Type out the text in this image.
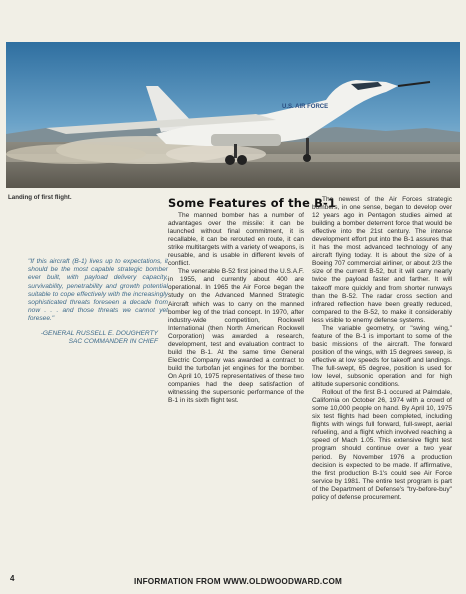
U.S. AIR FORCE
Landing of first flight.

"If this aircraft (B-1) lives up to expectations, it should be the most capable strategic bomber ever built, with payload delivery capacity, survivability, penetrability and growth potential suitable to cope effectively with the increasingly sophisticated threats foreseen a decade from now . . . and those threats we cannot yet foresee."

-GENERAL RUSSELL E. DOUGHERTY
SAC COMMANDER IN CHIEF
Some Features of the B-1

The manned bomber has a number of advantages over the missile: it can be launched without final commitment, it is recallable, it can be rerouted en route, it can strike multitargets with a variety of weapons, is reusable, and is usable in different levels of conflict.

The venerable B-52 first joined the U.S.A.F. in 1955, and currently about 400 are operational. In 1965 the Air Force began the study on the Advanced Manned Strategic Aircraft which was to carry on the manned bomber leg of the triad concept. In 1970, after industry-wide competition, Rockwell International (then North American Rockwell Corporation) was awarded a research, development, test and evaluation contract to build the B-1. At the same time General Electric Company was awarded a contract to build the turbofan jet engines for the bomber. On April 10, 1975 representatives of these two companies had the deep satisfaction of witnessing the supersonic performance of the B-1 in its sixth flight test.

The newest of the Air Forces strategic bombers, in one sense, began to develop over 12 years ago in Pentagon studies aimed at building a bomber deterrent force that would be effective into the 21st century. The intense development effort put into the B-1 assures that it has the most advanced technology of any aircraft flying today. It is about the size of a Boeing 707 commercial airliner, or about 2/3 the size of the current B-52, but it will carry nearly twice the payload faster and farther. It will takeoff more quickly and from shorter runways than the B-52. The radar cross section and infrared reflection have been greatly reduced, compared to the B-52, to make it considerably less visible to enemy defense systems.

The variable geometry, or "swing wing," feature of the B-1 is important to some of the basic missions of the aircraft. The forward position of the wings, with 15 degrees sweep, is effective at low speeds for takeoff and landings. The full-swept, 65 degree, position is used for low level, subsonic operation and for high altitude supersonic conditions.

Rollout of the first B-1 occured at Palmdale, California on October 26, 1974 with a crowd of some 10,000 people on hand. By April 10, 1975 six test flights had been completed, including flights with wings full forward, full-swept, aerial refueling, and a flight which involved reaching a speed of Mach 1.05. This extensive flight test program should continue over a two year period. By November 1976 a production decision is expected to be made. If affirmative, the first production B-1's could see Air Force service by 1981. The entire test program is part of the Department of Defense's "try-before-buy" policy of defense procurement.

4	INFORMATION FROM WWW.OLDWOODWARD.COM
